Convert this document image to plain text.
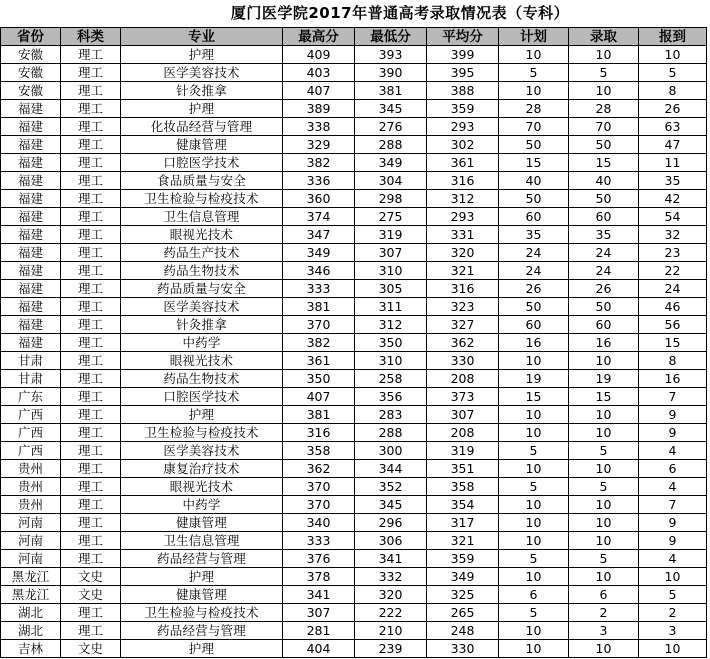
厦门医学院2017年普通高考录取情况表（专科）
省份	科类	专业	最高分	最低分	平均分	计划	录取	报到
安徽	理工	护理	409	393	399	10	10	10
安徽	理工	医学美容技术	403	390	395	5	5	5
安徽	理工	针灸推拿	407	381	388	10	10	8
福建	理工	护理	389	345	359	28	28	26
福建	理工	化妆品经营与管理	338	276	293	70	70	63
福建	理工	健康管理	329	288	302	50	50	47
福建	理工	口腔医学技术	382	349	361	15	15	11
福建	理工	食品质量与安全	336	304	316	40	40	35
福建	理工	卫生检验与检疫技术	360	298	312	50	50	42
福建	理工	卫生信息管理	374	275	293	60	60	54
福建	理工	眼视光技术	347	319	331	35	35	32
福建	理工	药品生产技术	349	307	320	24	24	23
福建	理工	药品生物技术	346	310	321	24	24	22
福建	理工	药品质量与安全	333	305	316	26	26	24
福建	理工	医学美容技术	381	311	323	50	50	46
福建	理工	针灸推拿	370	312	327	60	60	56
福建	理工	中药学	382	350	362	16	16	15
甘肃	理工	眼视光技术	361	310	330	10	10	8
甘肃	理工	药品生物技术	350	258	208	19	19	16
广东	理工	口腔医学技术	407	356	373	15	15	7
广西	理工	护理	381	283	307	10	10	9
广西	理工	卫生检验与检疫技术	316	288	208	10	10	9
广西	理工	医学美容技术	358	300	319	5	5	4
贵州	理工	康复治疗技术	362	344	351	10	10	6
贵州	理工	眼视光技术	370	352	358	5	5	4
贵州	理工	中药学	370	345	354	10	10	7
河南	理工	健康管理	340	296	317	10	10	9
河南	理工	卫生信息管理	333	306	321	10	10	9
河南	理工	药品经营与管理	376	341	359	5	5	4
黑龙江	文史	护理	378	332	349	10	10	10
黑龙江	文史	健康管理	341	320	325	6	6	5
湖北	理工	卫生检验与检疫技术	307	222	265	5	2	2
湖北	理工	药品经营与管理	281	210	248	10	3	3
吉林	文史	护理	404	239	330	10	10	10
